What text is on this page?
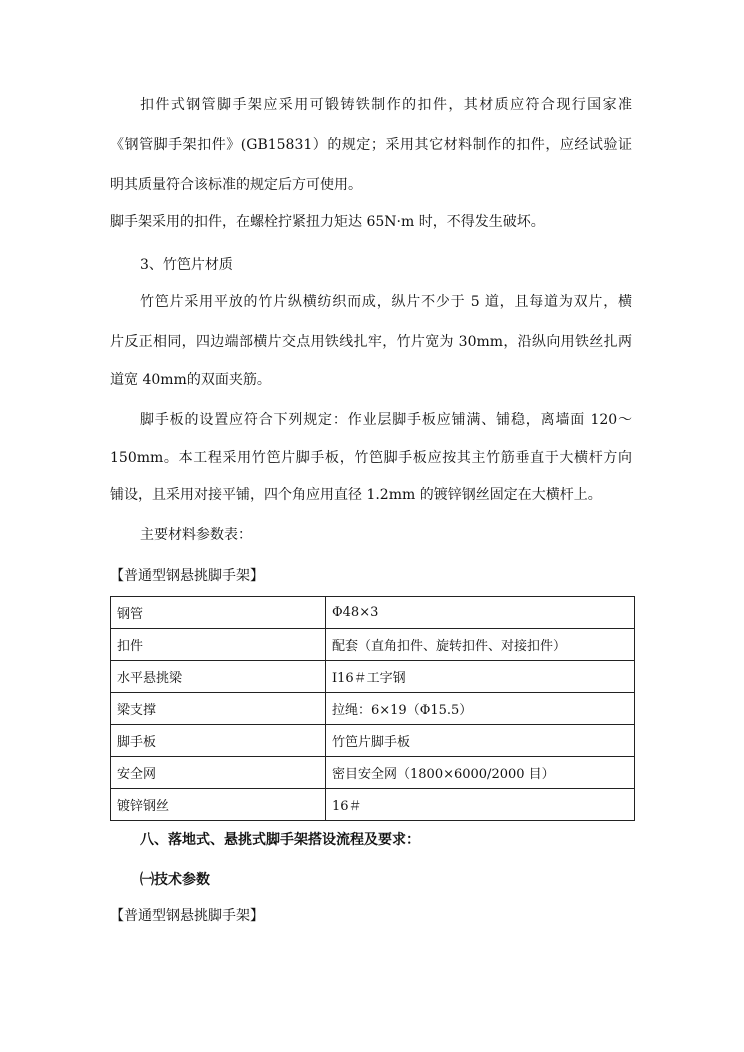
扣件式钢管脚手架应采用可锻铸铁制作的扣件，其材质应符合现行国家准
《钢管脚手架扣件》(GB15831）的规定；采用其它材料制作的扣件，应经试验证
明其质量符合该标准的规定后方可使用。
脚手架采用的扣件，在螺栓拧紧扭力矩达 65N·m 时，不得发生破坏。
3、竹笆片材质
竹笆片采用平放的竹片纵横纺织而成，纵片不少于 5 道，且每道为双片，横
片反正相同，四边端部横片交点用铁线扎牢，竹片宽为 30mm，沿纵向用铁丝扎两
道宽 40mm的双面夹筋。
脚手板的设置应符合下列规定：作业层脚手板应铺满、铺稳，离墙面 120～
150mm。本工程采用竹笆片脚手板，竹笆脚手板应按其主竹筋垂直于大横杆方向
铺设，且采用对接平铺，四个角应用直径 1.2mm 的镀锌钢丝固定在大横杆上。
主要材料参数表：
【普通型钢悬挑脚手架】
钢管	Φ48×3
扣件	配套（直角扣件、旋转扣件、对接扣件）
水平悬挑梁	I16＃工字钢
梁支撑	拉绳：6×19（Φ15.5）
脚手板	竹笆片脚手板
安全网	密目安全网（1800×6000/2000 目）
镀锌钢丝	16＃
八、落地式、悬挑式脚手架搭设流程及要求：
㈠技术参数
【普通型钢悬挑脚手架】
